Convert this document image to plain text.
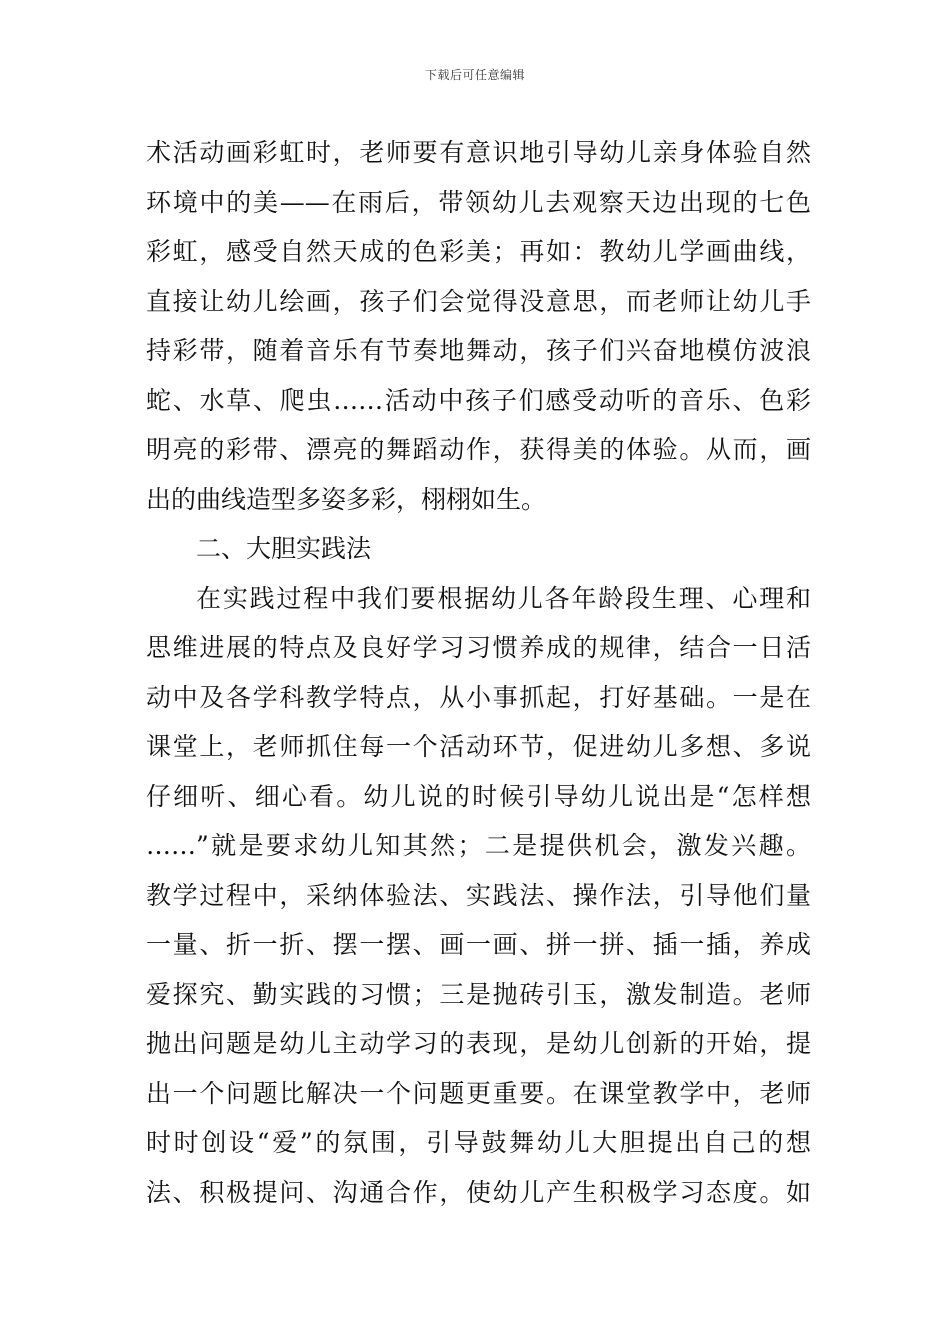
下载后可任意编辑
术活动画彩虹时，老师要有意识地引导幼儿亲身体验自然
环境中的美——在雨后，带领幼儿去观察天边出现的七色
彩虹，感受自然天成的色彩美；再如：教幼儿学画曲线，
直接让幼儿绘画，孩子们会觉得没意思，而老师让幼儿手
持彩带，随着音乐有节奏地舞动，孩子们兴奋地模仿波浪
蛇、水草、爬虫……活动中孩子们感受动听的音乐、色彩
明亮的彩带、漂亮的舞蹈动作，获得美的体验。从而，画
出的曲线造型多姿多彩，栩栩如生。
二、大胆实践法
在实践过程中我们要根据幼儿各年龄段生理、心理和
思维进展的特点及良好学习习惯养成的规律，结合一日活
动中及各学科教学特点，从小事抓起，打好基础。一是在
课堂上，老师抓住每一个活动环节，促进幼儿多想、多说
仔细听、细心看。幼儿说的时候引导幼儿说出是“怎样想
……”就是要求幼儿知其然；二是提供机会，激发兴趣。
教学过程中，采纳体验法、实践法、操作法，引导他们量
一量、折一折、摆一摆、画一画、拼一拼、插一插，养成
爱探究、勤实践的习惯；三是抛砖引玉，激发制造。老师
抛出问题是幼儿主动学习的表现，是幼儿创新的开始，提
出一个问题比解决一个问题更重要。在课堂教学中，老师
时时创设“爱”的氛围，引导鼓舞幼儿大胆提出自己的想
法、积极提问、沟通合作，使幼儿产生积极学习态度。如
